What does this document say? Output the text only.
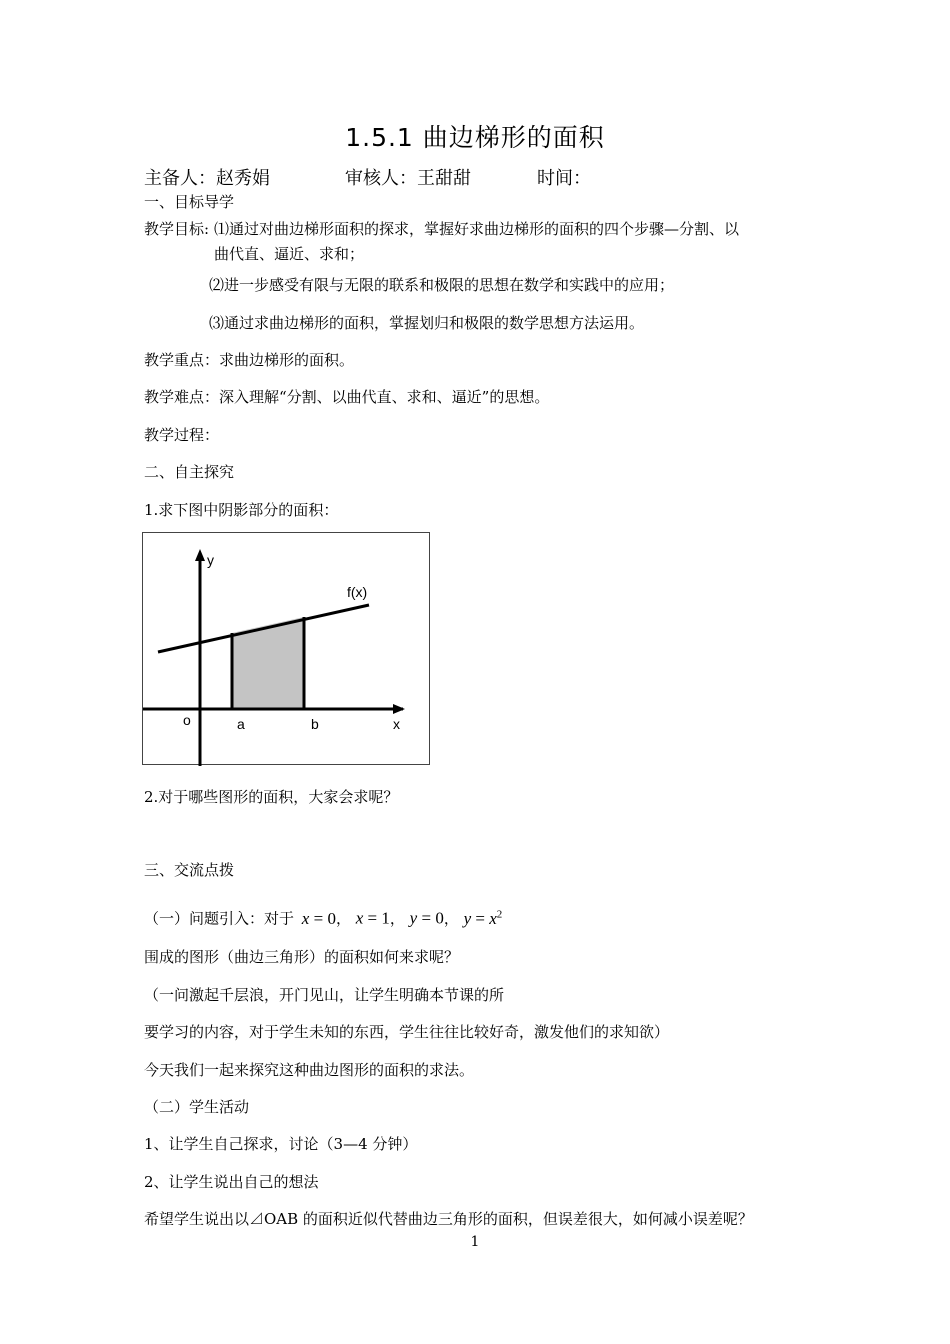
1.5.1 曲边梯形的面积
主备人：赵秀娟	审核人：王甜甜	时间：
一、目标导学
教学目标: ⑴通过对曲边梯形面积的探求，掌握好求曲边梯形的面积的四个步骤—分割、以
曲代直、逼近、求和；
⑵进一步感受有限与无限的联系和极限的思想在数学和实践中的应用；
⑶通过求曲边梯形的面积，掌握划归和极限的数学思想方法运用。
教学重点：求曲边梯形的面积。
教学难点：深入理解“分割、以曲代直、求和、逼近”的思想。
教学过程：
二、自主探究
1.求下图中阴影部分的面积：
y
f(x)
o	a	b	x
2.对于哪些图形的面积，大家会求呢？
三、交流点拨
（一）问题引入：对于 x = 0， x = 1， y = 0， $y = x^2$
围成的图形（曲边三角形）的面积如何来求呢？
（一问激起千层浪，开门见山，让学生明确本节课的所
要学习的内容，对于学生未知的东西，学生往往比较好奇，激发他们的求知欲）
今天我们一起来探究这种曲边图形的面积的求法。
（二）学生活动
1、让学生自己探求，讨论（3—4 分钟）
2、让学生说出自己的想法
希望学生说出以⊿OAB 的面积近似代替曲边三角形的面积，但误差很大，如何减小误差呢？
1
